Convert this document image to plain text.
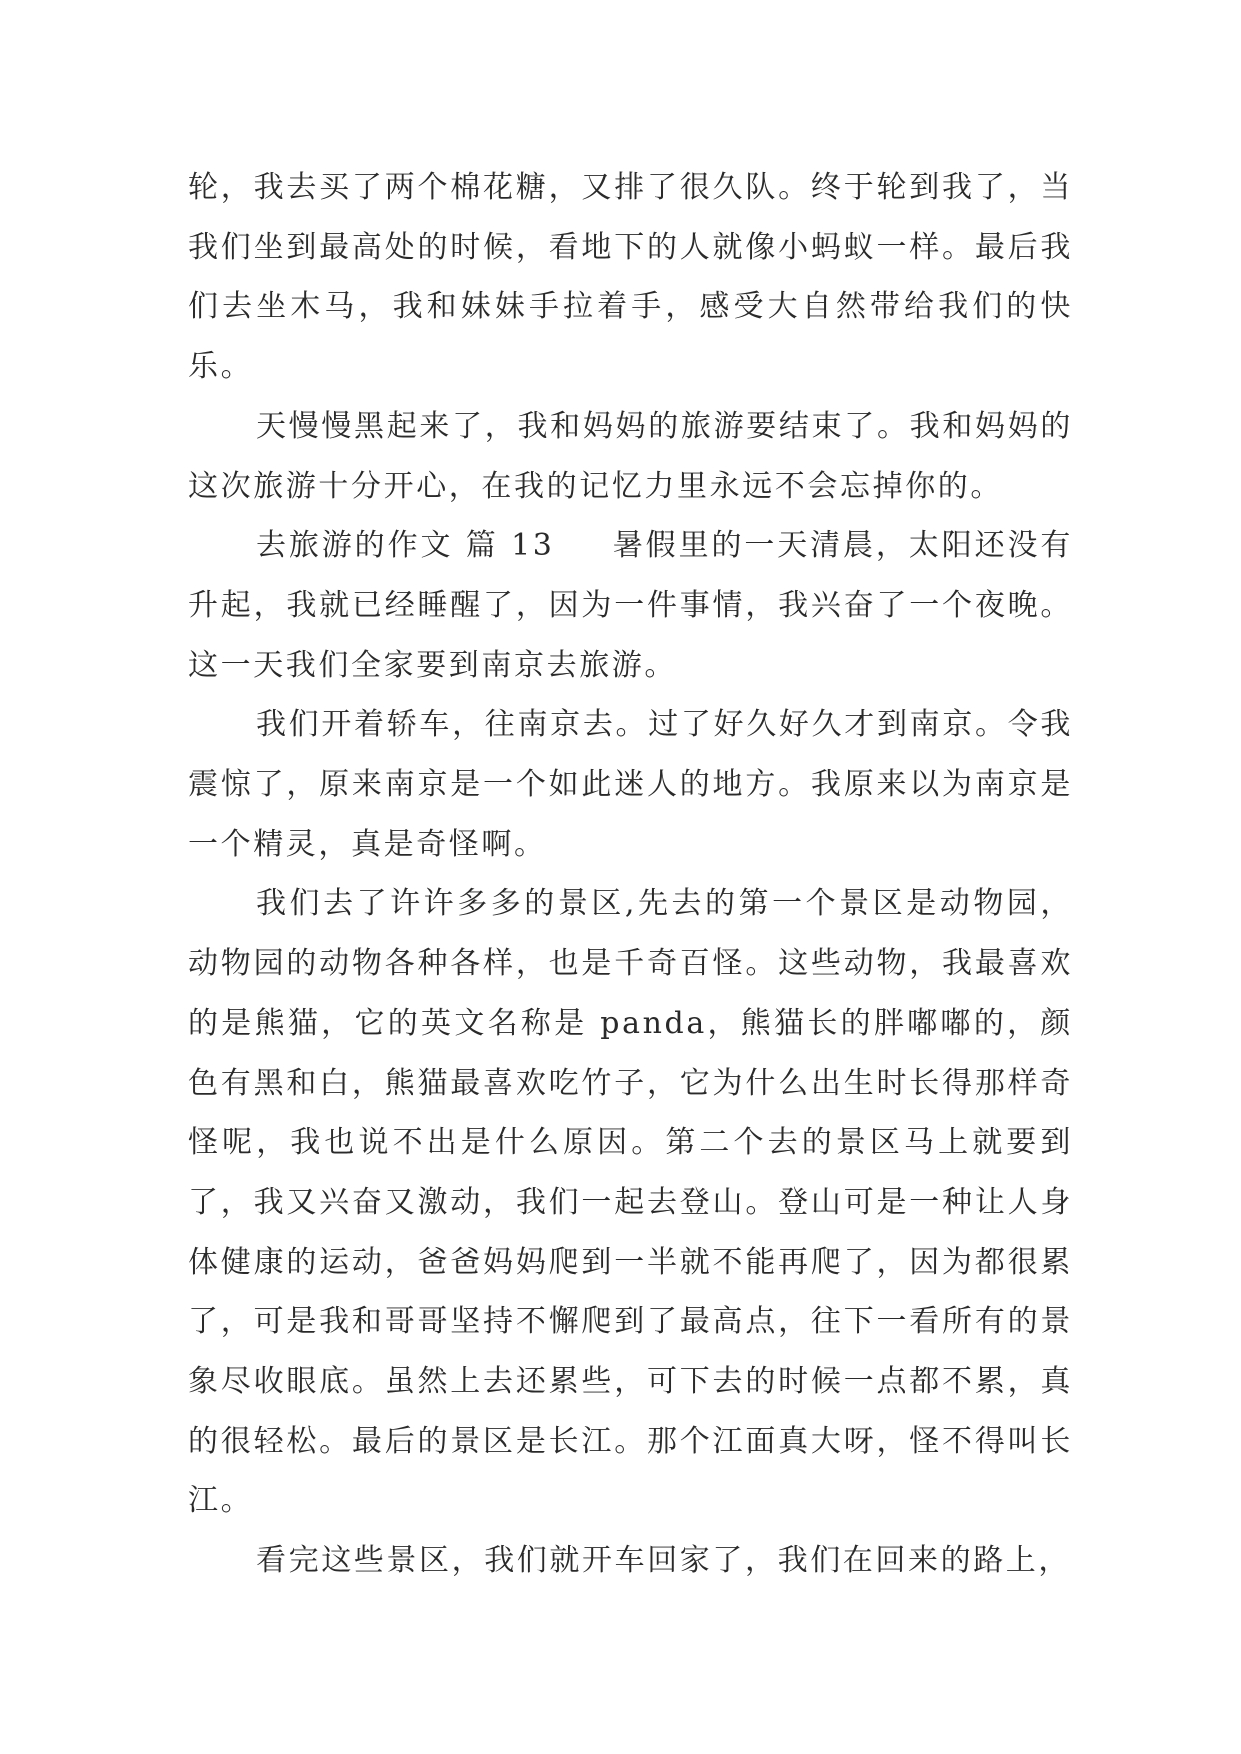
轮，我去买了两个棉花糖，又排了很久队。终于轮到我了，当我们坐到最高处的时候，看地下的人就像小蚂蚁一样。最后我们去坐木马，我和妹妹手拉着手，感受大自然带给我们的快乐。

天慢慢黑起来了，我和妈妈的旅游要结束了。我和妈妈的这次旅游十分开心，在我的记忆力里永远不会忘掉你的。

去旅游的作文 篇 13 暑假里的一天清晨，太阳还没有升起，我就已经睡醒了，因为一件事情，我兴奋了一个夜晚。这一天我们全家要到南京去旅游。

我们开着轿车，往南京去。过了好久好久才到南京。令我震惊了，原来南京是一个如此迷人的地方。我原来以为南京是一个精灵，真是奇怪啊。

我们去了许许多多的景区,先去的第一个景区是动物园，动物园的动物各种各样，也是千奇百怪。这些动物，我最喜欢的是熊猫，它的英文名称是 panda，熊猫长的胖嘟嘟的，颜色有黑和白，熊猫最喜欢吃竹子，它为什么出生时长得那样奇怪呢，我也说不出是什么原因。第二个去的景区马上就要到了，我又兴奋又激动，我们一起去登山。登山可是一种让人身体健康的运动，爸爸妈妈爬到一半就不能再爬了，因为都很累了，可是我和哥哥坚持不懈爬到了最高点，往下一看所有的景象尽收眼底。虽然上去还累些，可下去的时候一点都不累，真的很轻松。最后的景区是长江。那个江面真大呀，怪不得叫长江。

看完这些景区，我们就开车回家了，我们在回来的路上，
